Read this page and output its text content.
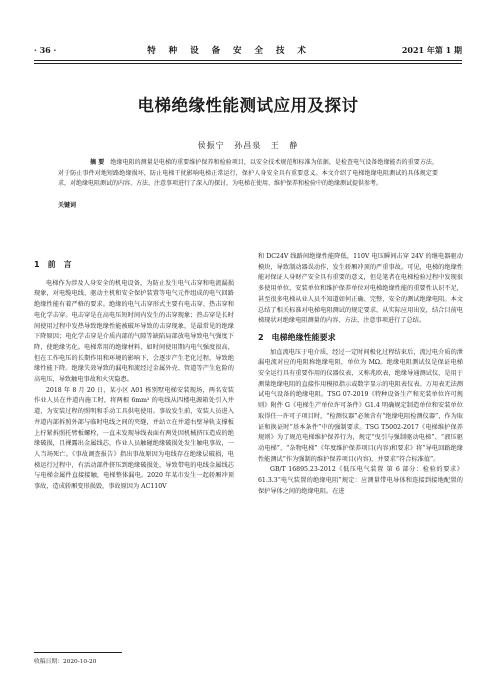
· 36 ·	特 种 设 备 安 全 技 术	2021 年第 1 期
电梯绝缘性能测试应用及探讨
侯振宁 孙昌泉 王 静
摘 要 绝缘电阻的测量是电梯的重要维护保养和检验项目，以安全技术规范和标准为依据，是检查电气设备绝缘能否的重要方法，对于防止事件对地短路绝缘损坏，防止电梯干扰影响电梯正常运行，保护人身安全具有重要意义。本文介绍了电梯绝缘电阻测试的具体规定要求，对绝缘电阻测试的内容、方法、注意事项进行了深入的探讨，为电梯在使用、维护保养和检验中的绝缘测试提供参考。
关键词
1　前　言

电梯作为涉及人身安全的机电设备，为防止发生电气击穿和电流漏损现象，对电缆电线、驱动主机和安全保护装置等电气元件组成的电气回路绝缘性能有着严格的要求。绝缘的电气击穿形式主要有电击穿、热击穿和电化学击穿。电击穿是在高电压短时间内发生的击穿现象；热击穿是长时间使用过程中发热导致绝缘性能被破坏导致的击穿现象，是最常见的绝缘下降原因；电化学击穿是介质内部的气隙等缺陷局部放电导致电气强度下降，使绝缘劣化。电梯常用的绝缘材料，如时间使用期内电气强度很高，但在工作电压的长期作用和环境的影响下，会逐步产生老化过程，导致绝缘性能下降。绝缘失效导致的漏电和流经过金属外壳、管道等产生危险的高电压，导致触电事故和火灾隐患。

2018 年 8 月 20 日，某小区 A01 栋别墅电梯安装现场，两名安装作业人员在井道内施工时，将两根 6mm² 的电线从四楼电源箱处引入井道，为安装过程的照明和手动工具供电使用。事故发生前，安装人员进入井道内部拆照外部与临时电线之间的夹缝，并站立在井道右壁导轨支撑板上拧紧拆照托臂板螺栓，一直未发现导线表面有两处因机械挤压造成的绝缘破损，且裸露出金属线芯，作业人员触碰绝缘破损处发生触电事故，一人当场死亡。《事故调查报告》指出事故原因为电线存在绝缘层破损，电梯运行过程中，有活动部件挤压到绝缘破损处，导致带电的电线金属线芯与电梯金属件直接接触，电梯整体漏电。2020 年某市发生一起轿厢冲顶事故，造成轿厢变形损毁，事故原因为 AC110V

和 DC24V 线路间绝缘性能降低，110V 电压瞬间击穿 24V 的继电器驱动模块，导致制动器误动作，发生轿厢冲顶的严重事故。可见，电梯的绝缘性能对保证人身财产安全具有重要的意义，但是笔者在电梯检验过程中发现很多使用单位、安装单位和维护保养单位对电梯绝缘性能的重要性认识不足，甚至很多电梯从业人员不知道如何正确、完整、安全的测试绝缘电阻。本文总结了相关标准对电梯电阻测试的规定要求，从实际应用出发，结合目前电梯现状对绝缘电阻测量的内容、方法、注意事项进行了总结。

2　电梯绝缘性能要求

加直流电压于电介质，经过一定时间极化过程结束后，流过电介质的泄漏电流对应的电阻称绝缘电阻，单位为 MΩ。绝缘电阻测试仪是保证电梯安全运行具有重要作用的仪器仪表，又称兆欧表，绝缘导通测试仪，是用于测量绝缘电阻的直接作用模拟指示或数字显示的电阻表仪表。万用表无法测试电气设备的绝缘电阻。TSG 07-2019《特种设备生产和充装单位许可规则》附件 G《电梯生产单位许可条件》G1.4 明确规定制造单位和安装单位取得任一许可子项目时，“检测仪器”必须含有“绝缘电阻检测仪器”，作为取证和换证时“基本条件”中的强制要求。TSG T5002-2017《电梯维护保养规则》为了规范电梯维护保养行为，规定“曳引与强制驱动电梯”、“液压驱动电梯”、“杂物电梯”《年度维护保养项目(内容)和要求》将“导电回路绝缘性能测试”作为强制的维护保养项目(内容)，并要求“符合标准值”。

GB/T 16895.23-2012《低压电气装置 第 6 部分：检验的要求》61.3.3“电气装置的绝缘电阻”规定：应测量带电导体和连接到接地配置的保护导体之间的绝缘电阻。在进

收稿日期：2020-10-20
